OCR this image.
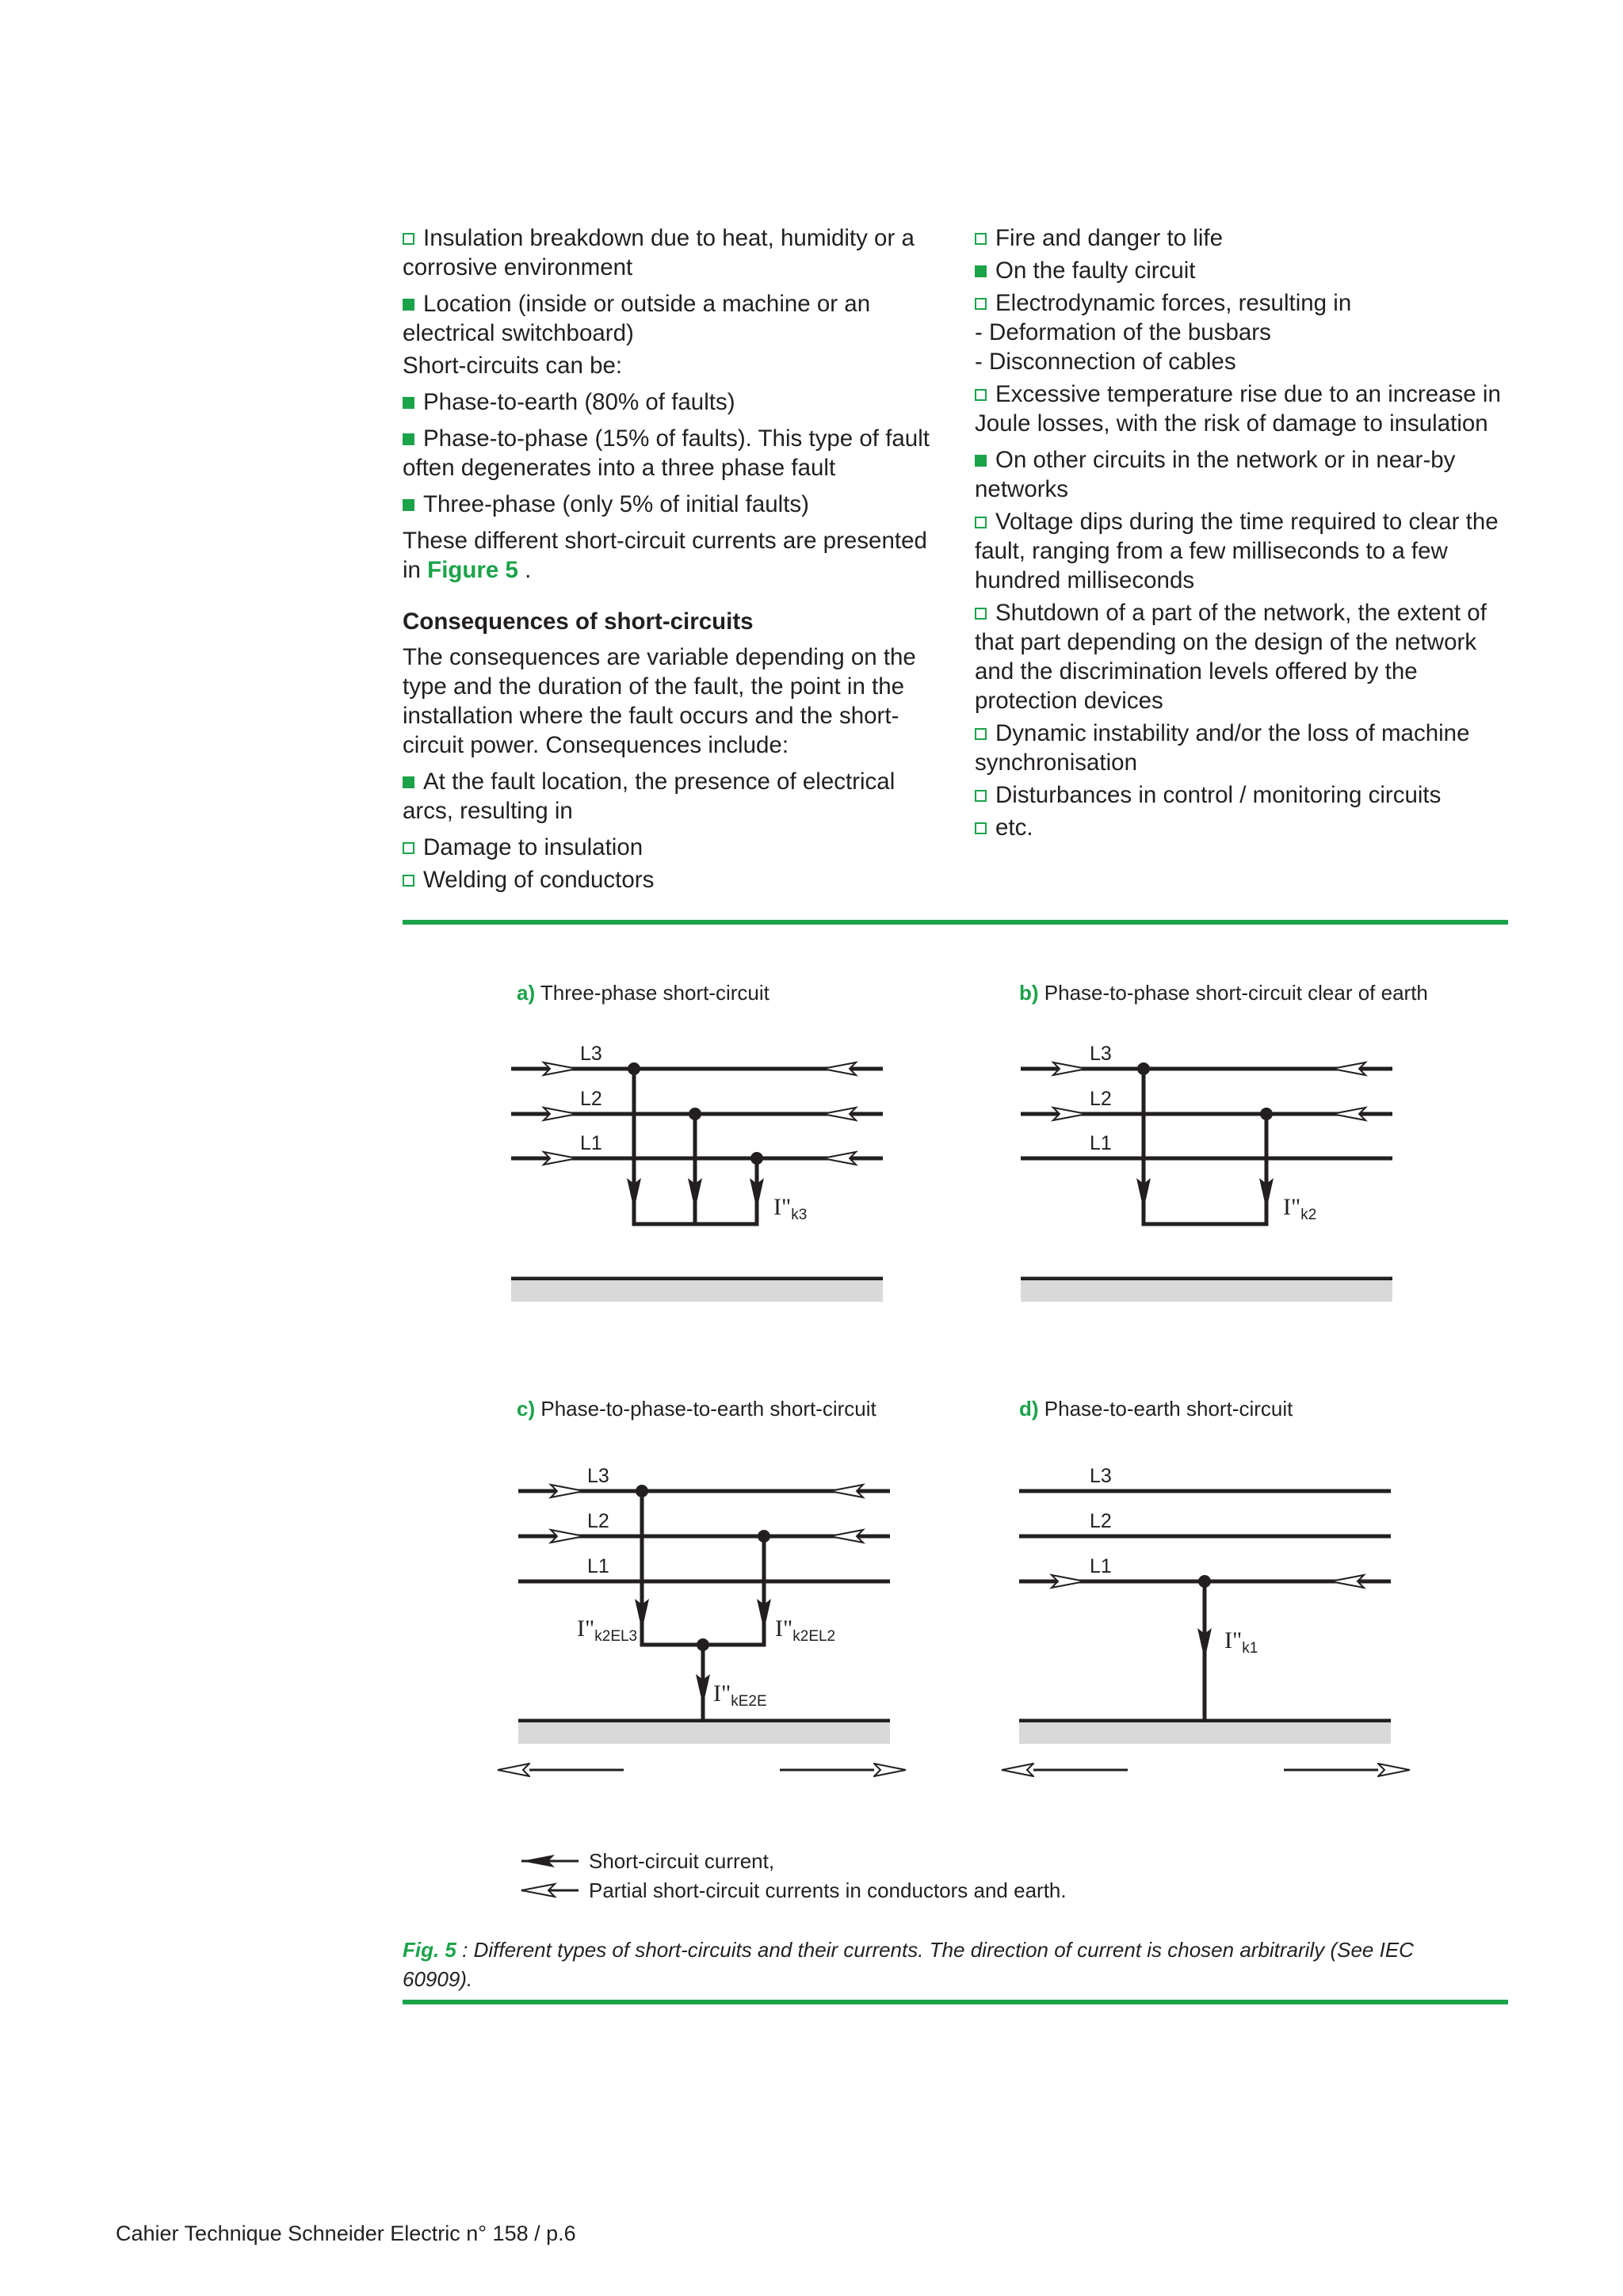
Insulation breakdown due to heat, humidity or a corrosive environment
Location (inside or outside a machine or an electrical switchboard)
Short-circuits can be:
Phase-to-earth (80% of faults)
Phase-to-phase (15% of faults). This type of fault often degenerates into a three phase fault
Three-phase (only 5% of initial faults)
These different short-circuit currents are presented in Figure 5 .
Consequences of short-circuits
The consequences are variable depending on the type and the duration of the fault, the point in the installation where the fault occurs and the short-circuit power. Consequences include:
At the fault location, the presence of electrical arcs, resulting in
Damage to insulation
Welding of conductors
Fire and danger to life
On the faulty circuit
Electrodynamic forces, resulting in
- Deformation of the busbars
- Disconnection of cables
Excessive temperature rise due to an increase in Joule losses, with the risk of damage to insulation
On other circuits in the network or in near-by networks
Voltage dips during the time required to clear the fault, ranging from a few milliseconds to a few hundred milliseconds
Shutdown of a part of the network, the extent of that part depending on the design of the network and the discrimination levels offered by the protection devices
Dynamic instability and/or the loss of machine synchronisation
Disturbances in control / monitoring circuits
etc.
a) Three-phase short-circuit	b) Phase-to-phase short-circuit clear of earth
c) Phase-to-phase-to-earth short-circuit	d) Phase-to-earth short-circuit
L3
L2
L1
L3
L2
L1
L3
L2
L1
L3
L2
L1
$I"_{k3}$	$I"_{k2}$
$I"_{k2EL3}$	$I"_{k2EL2}$
$I"_{kE2E}$
$I"_{k1}$
Short-circuit current,
Partial short-circuit currents in conductors and earth.
Fig. 5 : Different types of short-circuits and their currents. The direction of current is chosen arbitrarily (See IEC 60909).
Cahier Technique Schneider Electric n° 158 / p.6
